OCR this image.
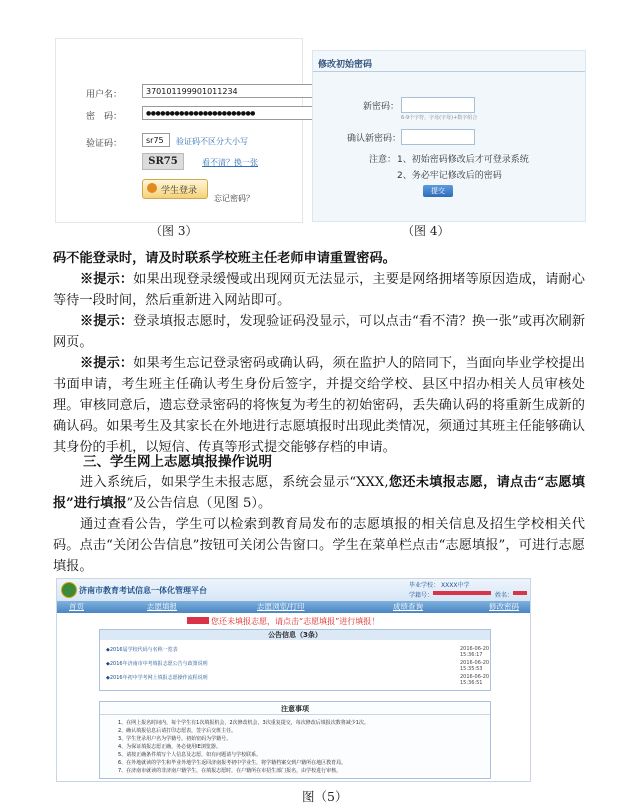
用户名：	370101199901011234
密　码：	●●●●●●●●●●●●●●●●●●●●●●●
验证码：	sr75	验证码不区分大小写
SR75	看不清？换一张
学生登录
忘记密码？
（图 3）
修改初始密码
新密码：
6-9个字符，字母(字母)+数字组合
确认新密码：
注意： 1、初始密码修改后才可登录系统
2、务必牢记修改后的密码
提交
（图 4）
码不能登录时，请及时联系学校班主任老师申请重置密码。
※提示：如果出现登录缓慢或出现网页无法显示，主要是网络拥堵等原因造成，请耐心等待一段时间，然后重新进入网站即可。
※提示：登录填报志愿时，发现验证码没显示，可以点击“看不清？换一张”或再次刷新网页。
※提示：如果考生忘记登录密码或确认码，须在监护人的陪同下，当面向毕业学校提出书面申请，考生班主任确认考生身份后签字，并提交给学校、县区中招办相关人员审核处理。审核同意后，遗忘登录密码的将恢复为考生的初始密码，丢失确认码的将重新生成新的确认码。如果考生及其家长在外地进行志愿填报时出现此类情况，须通过其班主任能够确认其身份的手机，以短信、传真等形式提交能够存档的申请。
三、学生网上志愿填报操作说明
进入系统后，如果学生未报志愿，系统会显示“XXX,您还未填报志愿，请点击“志愿填报”进行填报”及公告信息（见图 5）。
通过查看公告，学生可以检索到教育局发布的志愿填报的相关信息及招生学校相关代码。点击“关闭公告信息”按钮可关闭公告窗口。学生在菜单栏点击“志愿填报”，可进行志愿填报。
济南市教育考试信息一体化管理平台
毕业学校： XXXX中学
学籍号：	姓名：
首页	志愿填报	志愿浏览/打印	成绩查询	修改密码
您还未填报志愿，请点击“志愿填报”进行填报！
公告信息（3条）
◆2016届学校代码与名称一览表	2016-06-20 15:36:17
◆2016年济南市中考填报志愿公告与政策说明	2016-06-20 15:35:53
◆2016年初中学考网上填报志愿操作流程说明	2016-06-20 15:36:51
注意事项
1、在网上报名时间内，每个学生有1次填报机会，2次修改机会，3次重复提交，每次修改后填报次数将减少1次。
2、确认填报信息后请打印志愿表，签字后交班主任。
3、学生登录用户名为学籍号，初始密码为学籍号。
4、为保证填报志愿正确，务必使用IE浏览器。
5、请按正确条件填写个人信息及志愿，如有问题请与学校联系。
6、在外地就读的学生和毕业外地学生返回济南报考初中学业生，将学籍档案交到户籍所在地区教育局。
7、在济南市就读的非济南户籍学生，在填报志愿时，在户籍所在市招生部门报名，由学校进行审核。
图（5）
